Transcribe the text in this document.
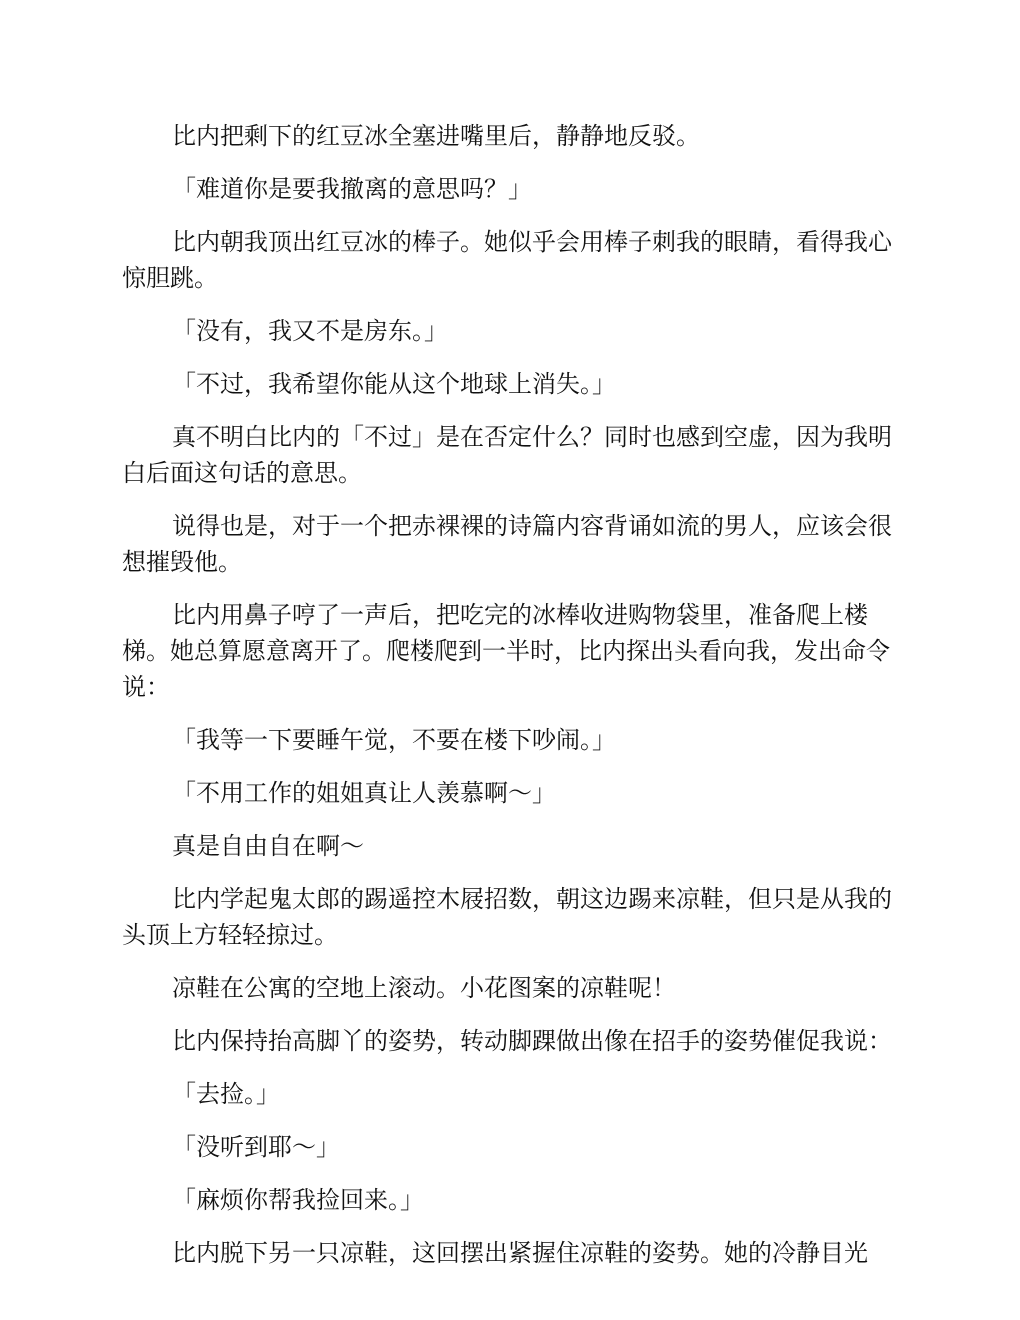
比内把剩下的红豆冰全塞进嘴里后，静静地反驳。

「难道你是要我撤离的意思吗？」

比内朝我顶出红豆冰的棒子。她似乎会用棒子刺我的眼睛，看得我心惊胆跳。

「没有，我又不是房东。」

「不过，我希望你能从这个地球上消失。」

真不明白比内的「不过」是在否定什么？同时也感到空虚，因为我明白后面这句话的意思。

说得也是，对于一个把赤裸裸的诗篇内容背诵如流的男人，应该会很想摧毁他。

比内用鼻子哼了一声后，把吃完的冰棒收进购物袋里，准备爬上楼梯。她总算愿意离开了。爬楼爬到一半时，比内探出头看向我，发出命令说：

「我等一下要睡午觉，不要在楼下吵闹。」

「不用工作的姐姐真让人羡慕啊～」

真是自由自在啊～

比内学起鬼太郎的踢遥控木屐招数，朝这边踢来凉鞋，但只是从我的头顶上方轻轻掠过。

凉鞋在公寓的空地上滚动。小花图案的凉鞋呢！

比内保持抬高脚丫的姿势，转动脚踝做出像在招手的姿势催促我说：

「去捡。」

「没听到耶～」

「麻烦你帮我捡回来。」

比内脱下另一只凉鞋，这回摆出紧握住凉鞋的姿势。她的冷静目光
